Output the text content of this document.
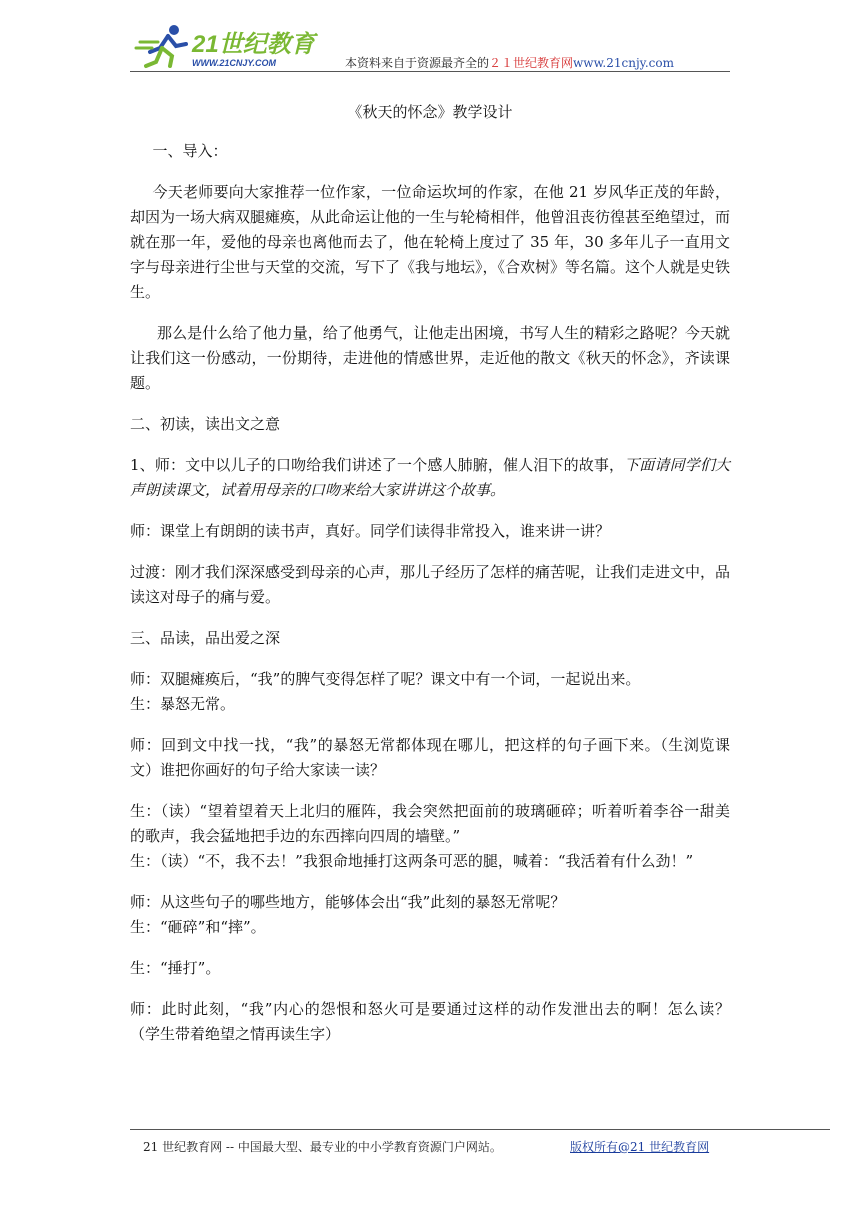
21世纪教育
WWW.21CNJY.COM	本资料来自于资源最齐全的２１世纪教育网www.21cnjy.com
《秋天的怀念》教学设计
一、导入：
今天老师要向大家推荐一位作家，一位命运坎坷的作家，在他 21 岁风华正茂的年龄，却因为一场大病双腿瘫痪，从此命运让他的一生与轮椅相伴，他曾沮丧彷徨甚至绝望过，而就在那一年，爱他的母亲也离他而去了，他在轮椅上度过了 35 年，30 多年儿子一直用文字与母亲进行尘世与天堂的交流，写下了《我与地坛》，《合欢树》等名篇。这个人就是史铁生。
那么是什么给了他力量，给了他勇气，让他走出困境，书写人生的精彩之路呢？今天就让我们这一份感动，一份期待，走进他的情感世界，走近他的散文《秋天的怀念》，齐读课题。
二、初读，读出文之意
1、师：文中以儿子的口吻给我们讲述了一个感人肺腑，催人泪下的故事，下面请同学们大声朗读课文，试着用母亲的口吻来给大家讲讲这个故事。
师：课堂上有朗朗的读书声，真好。同学们读得非常投入，谁来讲一讲？
过渡：刚才我们深深感受到母亲的心声，那儿子经历了怎样的痛苦呢，让我们走进文中，品读这对母子的痛与爱。
三、品读，品出爱之深
师：双腿瘫痪后，“我”的脾气变得怎样了呢？课文中有一个词，一起说出来。
生：暴怒无常。
师：回到文中找一找，“我”的暴怒无常都体现在哪儿，把这样的句子画下来。（生浏览课文）谁把你画好的句子给大家读一读？
生：（读）“望着望着天上北归的雁阵，我会突然把面前的玻璃砸碎；听着听着李谷一甜美的歌声，我会猛地把手边的东西摔向四周的墙壁。”
生：（读）“不，我不去！”我狠命地捶打这两条可恶的腿，喊着：“我活着有什么劲！”
师：从这些句子的哪些地方，能够体会出“我”此刻的暴怒无常呢？
生：“砸碎”和“摔”。
生：“捶打”。
师：此时此刻，“我”内心的怨恨和怒火可是要通过这样的动作发泄出去的啊！怎么读？（学生带着绝望之情再读生字）
21 世纪教育网 -- 中国最大型、最专业的中小学教育资源门户网站。	版权所有@21 世纪教育网
